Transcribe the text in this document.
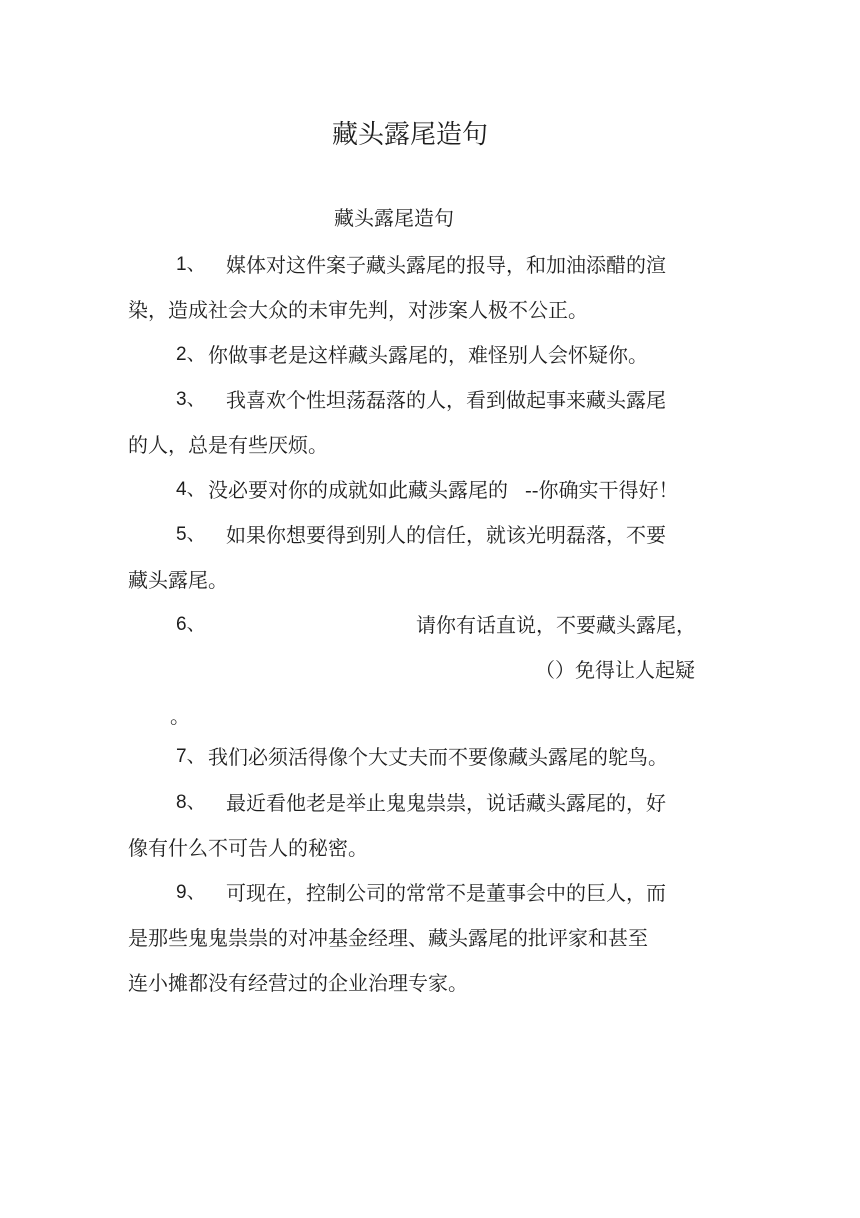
藏头露尾造句
藏头露尾造句
1、 媒体对这件案子藏头露尾的报导，和加油添醋的渲
染，造成社会大众的未审先判，对涉案人极不公正。
2、 你做事老是这样藏头露尾的，难怪别人会怀疑你。
3、 我喜欢个性坦荡磊落的人，看到做起事来藏头露尾
的人，总是有些厌烦。
4、 没必要对你的成就如此藏头露尾的 --你确实干得好！
5、 如果你想要得到别人的信任，就该光明磊落，不要
藏头露尾。
6、	请你有话直说，不要藏头露尾，
（）免得让人起疑
。
7、 我们必须活得像个大丈夫而不要像藏头露尾的鸵鸟。
8、 最近看他老是举止鬼鬼祟祟，说话藏头露尾的，好
像有什么不可告人的秘密。
9、 可现在，控制公司的常常不是董事会中的巨人，而
是那些鬼鬼祟祟的对冲基金经理、藏头露尾的批评家和甚至
连小摊都没有经营过的企业治理专家。
